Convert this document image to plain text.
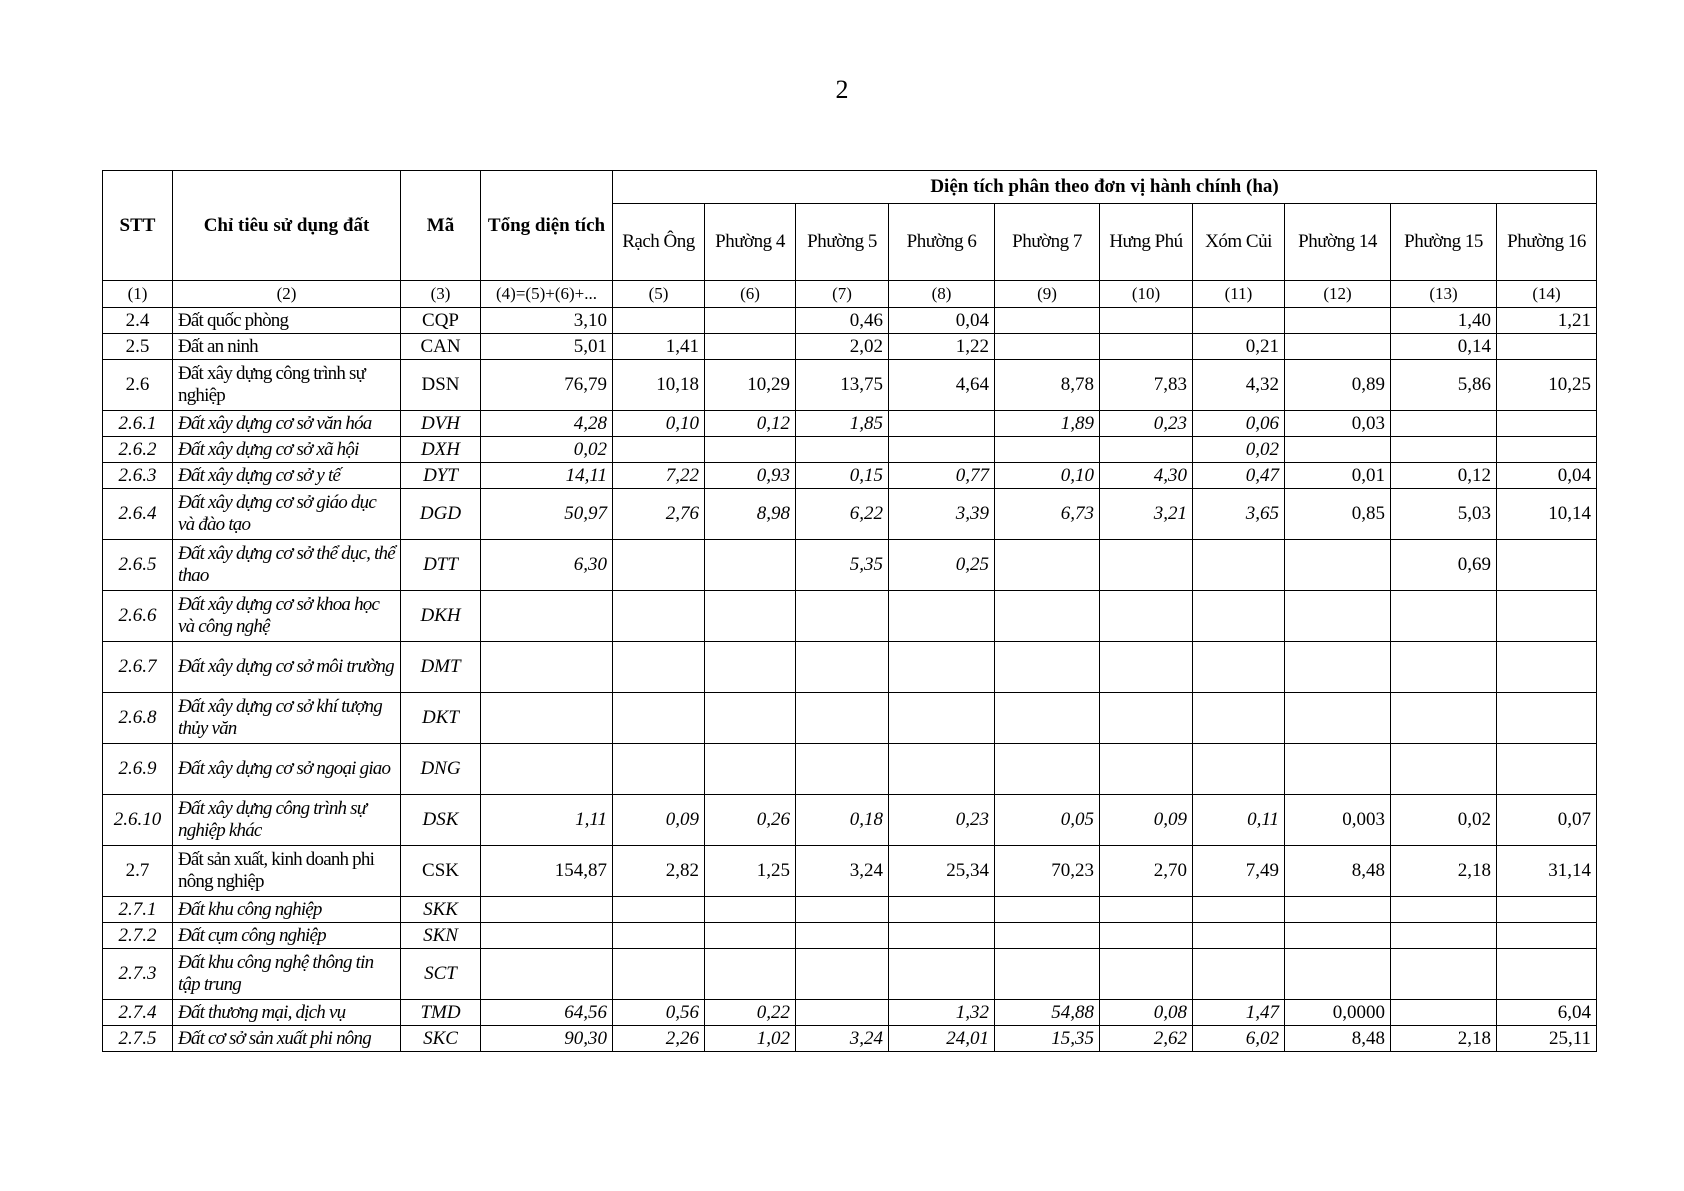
2
STT	Chỉ tiêu sử dụng đất	Mã	Tổng diện tích	Diện tích phân theo đơn vị hành chính (ha)									
				Rạch Ông	Phường 4	Phường 5	Phường 6	Phường 7	Hưng Phú	Xóm Củi	Phường 14	Phường 15	Phường 16
(1)	(2)	(3)	(4)=(5)+(6)+...	(5)	(6)	(7)	(8)	(9)	(10)	(11)	(12)	(13)	(14)
2.4	Đất quốc phòng	CQP	3,10			0,46	0,04					1,40	1,21
2.5	Đất an ninh	CAN	5,01	1,41		2,02	1,22			0,21		0,14	
2.6	Đất xây dựng công trình sự nghiệp	DSN	76,79	10,18	10,29	13,75	4,64	8,78	7,83	4,32	0,89	5,86	10,25
2.6.1	Đất xây dựng cơ sở văn hóa	DVH	4,28	0,10	0,12	1,85		1,89	0,23	0,06	0,03		
2.6.2	Đất xây dựng cơ sở xã hội	DXH	0,02							0,02			
2.6.3	Đất xây dựng cơ sở y tế	DYT	14,11	7,22	0,93	0,15	0,77	0,10	4,30	0,47	0,01	0,12	0,04
2.6.4	Đất xây dựng cơ sở giáo dục và đào tạo	DGD	50,97	2,76	8,98	6,22	3,39	6,73	3,21	3,65	0,85	5,03	10,14
2.6.5	Đất xây dựng cơ sở thể dục, thể thao	DTT	6,30			5,35	0,25					0,69	
2.6.6	Đất xây dựng cơ sở khoa học và công nghệ	DKH											
2.6.7	Đất xây dựng cơ sở môi trường	DMT											
2.6.8	Đất xây dựng cơ sở khí tượng thủy văn	DKT											
2.6.9	Đất xây dựng cơ sở ngoại giao	DNG											
2.6.10	Đất xây dựng công trình sự nghiệp khác	DSK	1,11	0,09	0,26	0,18	0,23	0,05	0,09	0,11	0,003	0,02	0,07
2.7	Đất sản xuất, kinh doanh phi nông nghiệp	CSK	154,87	2,82	1,25	3,24	25,34	70,23	2,70	7,49	8,48	2,18	31,14
2.7.1	Đất khu công nghiệp	SKK											
2.7.2	Đất cụm công nghiệp	SKN											
2.7.3	Đất khu công nghệ thông tin tập trung	SCT											
2.7.4	Đất thương mại, dịch vụ	TMD	64,56	0,56	0,22		1,32	54,88	0,08	1,47	0,0000		6,04
2.7.5	Đất cơ sở sản xuất phi nông	SKC	90,30	2,26	1,02	3,24	24,01	15,35	2,62	6,02	8,48	2,18	25,11
